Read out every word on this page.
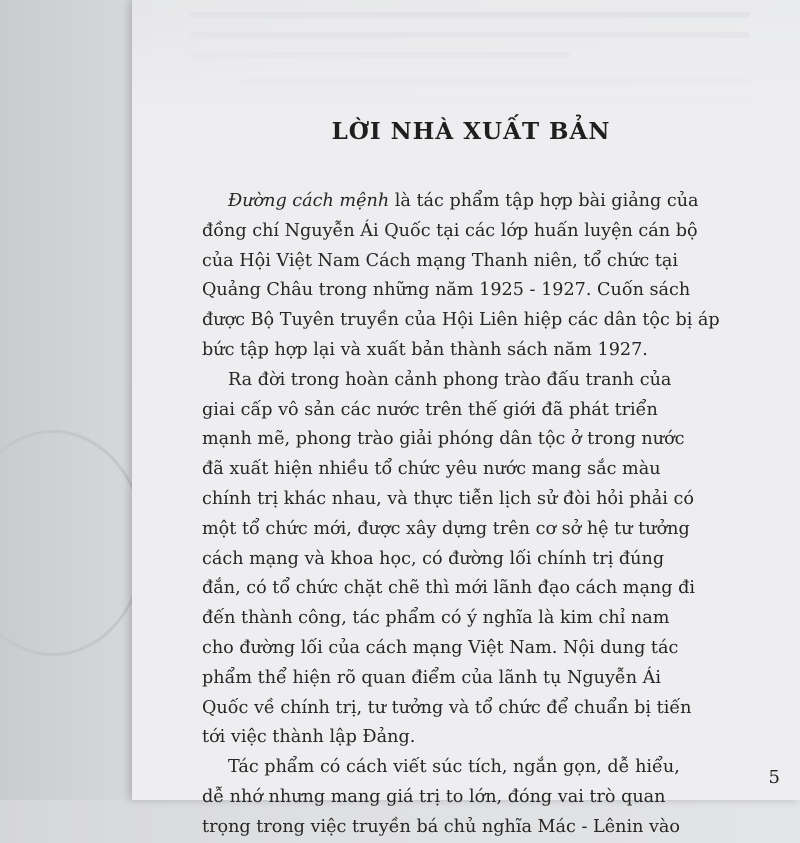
LỜI NHÀ XUẤT BẢN
Đường cách mệnh là tác phẩm tập hợp bài giảng của
đồng chí Nguyễn Ái Quốc tại các lớp huấn luyện cán bộ
của Hội Việt Nam Cách mạng Thanh niên, tổ chức tại
Quảng Châu trong những năm 1925 - 1927. Cuốn sách
được Bộ Tuyên truyền của Hội Liên hiệp các dân tộc bị áp
bức tập hợp lại và xuất bản thành sách năm 1927.
Ra đời trong hoàn cảnh phong trào đấu tranh của
giai cấp vô sản các nước trên thế giới đã phát triển
mạnh mẽ, phong trào giải phóng dân tộc ở trong nước
đã xuất hiện nhiều tổ chức yêu nước mang sắc màu
chính trị khác nhau, và thực tiễn lịch sử đòi hỏi phải có
một tổ chức mới, được xây dựng trên cơ sở hệ tư tưởng
cách mạng và khoa học, có đường lối chính trị đúng
đắn, có tổ chức chặt chẽ thì mới lãnh đạo cách mạng đi
đến thành công, tác phẩm có ý nghĩa là kim chỉ nam
cho đường lối của cách mạng Việt Nam. Nội dung tác
phẩm thể hiện rõ quan điểm của lãnh tụ Nguyễn Ái
Quốc về chính trị, tư tưởng và tổ chức để chuẩn bị tiến
tới việc thành lập Đảng.
Tác phẩm có cách viết súc tích, ngắn gọn, dễ hiểu,
dễ nhớ nhưng mang giá trị to lớn, đóng vai trò quan
trọng trong việc truyền bá chủ nghĩa Mác - Lênin vào
5
